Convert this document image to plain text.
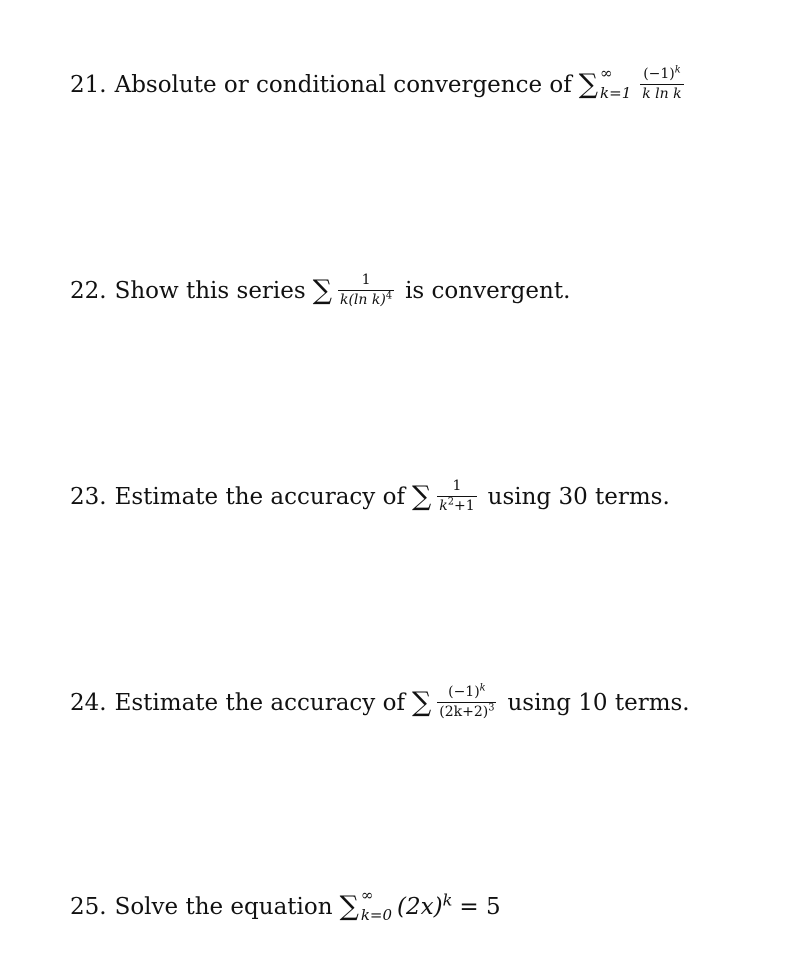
21. Absolute or conditional convergence of ∑ ∞
$k=1 \frac{(-1)^k}{\text{k ln k}}$
22. Show this series ∑ $\frac{1}{k(\ln k)^4}$ is convergent.
23. Estimate the accuracy of ∑ $\frac{1}{k^2+1}$ using 30 terms.
24. Estimate the accuracy of ∑ $\frac{(-1)^k}{(2k+2)^3}$ using 10 terms.
25. Solve the equation ∑ ∞
k=0 $(2x)^k = 5$
